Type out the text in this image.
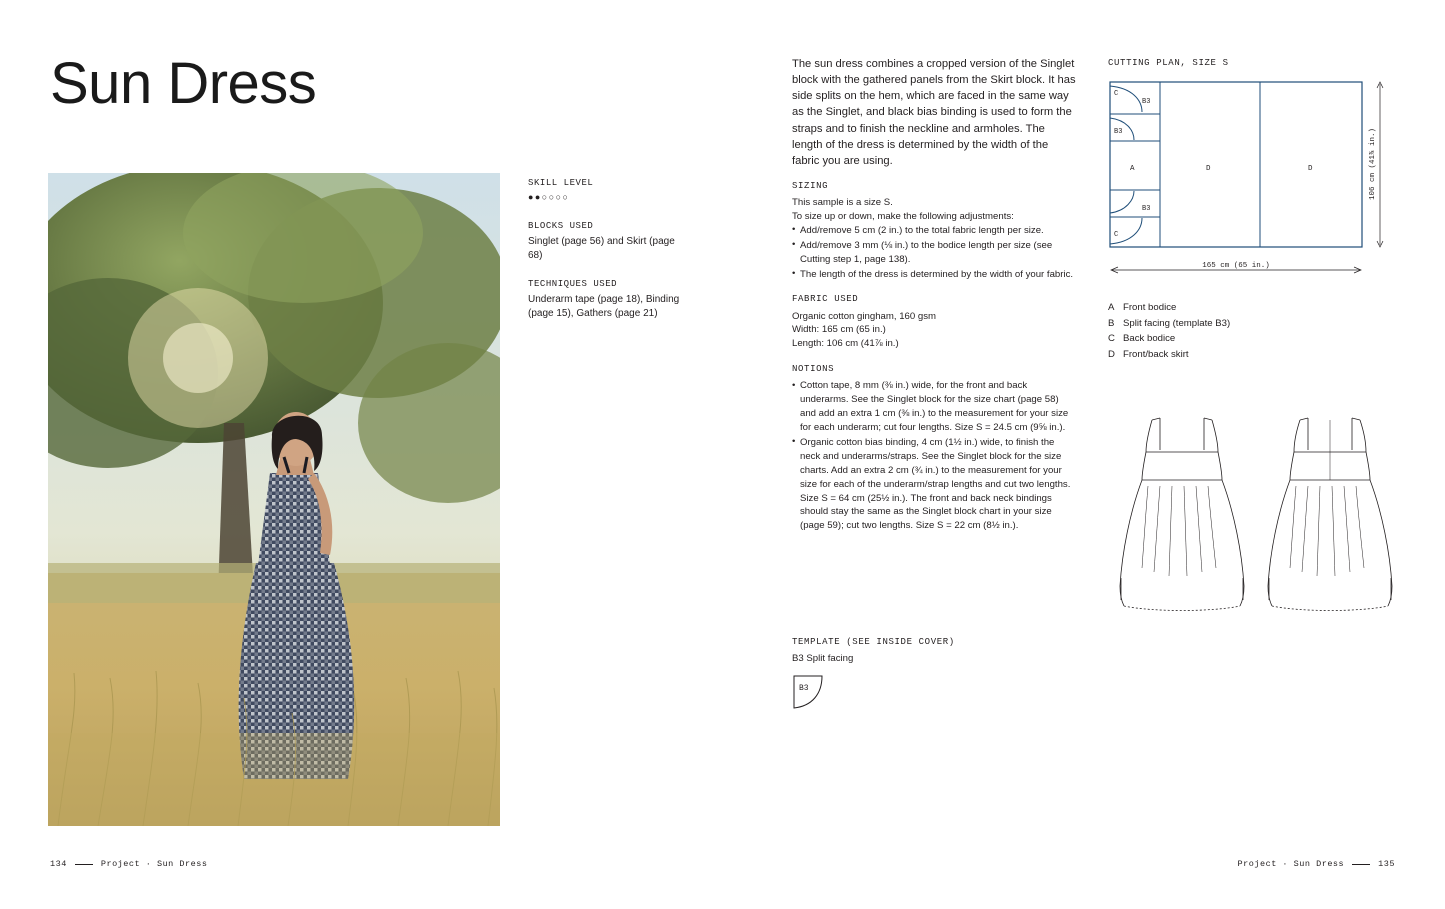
Sun Dress
SKILL LEVEL
●●○○○○
BLOCKS USED
Singlet (page 56) and Skirt (page 68)
TECHNIQUES USED
Underarm tape (page 18), Binding (page 15), Gathers (page 21)
134	Project · Sun Dress
The sun dress combines a cropped version of the Singlet block with the gathered panels from the Skirt block. It has side splits on the hem, which are faced in the same way as the Singlet, and black bias binding is used to form the straps and to finish the neckline and armholes. The length of the dress is determined by the width of the fabric you are using.
SIZING
This sample is a size S.
To size up or down, make the following adjustments:
• Add/remove 5 cm (2 in.) to the total fabric length per size.
• Add/remove 3 mm (⅛ in.) to the bodice length per size (see Cutting step 1, page 138).
• The length of the dress is determined by the width of your fabric.
FABRIC USED
Organic cotton gingham, 160 gsm
Width: 165 cm (65 in.)
Length: 106 cm (41⅞ in.)
NOTIONS
• Cotton tape, 8 mm (⅜ in.) wide, for the front and back underarms. See the Singlet block for the size chart (page 58) and add an extra 1 cm (⅜ in.) to the measurement for your size for each underarm; cut four lengths. Size S = 24.5 cm (9⅝ in.).
• Organic cotton bias binding, 4 cm (1½ in.) wide, to finish the neck and underarms/straps. See the Singlet block for the size charts. Add an extra 2 cm (¾ in.) to the measurement for your size for each of the underarm/strap lengths and cut two lengths. Size S = 64 cm (25½ in.). The front and back neck bindings should stay the same as the Singlet block chart in your size (page 59); cut two lengths. Size S = 22 cm (8½ in.).
TEMPLATE (SEE INSIDE COVER)
B3 Split facing
B3
CUTTING PLAN, SIZE S
C
B3
B3
A
B3
C
D	D	106 cm (41⅞ in.)
165 cm (65 in.)
A Front bodice
B Split facing (template B3)
C Back bodice
D Front/back skirt
Project · Sun Dress	135
